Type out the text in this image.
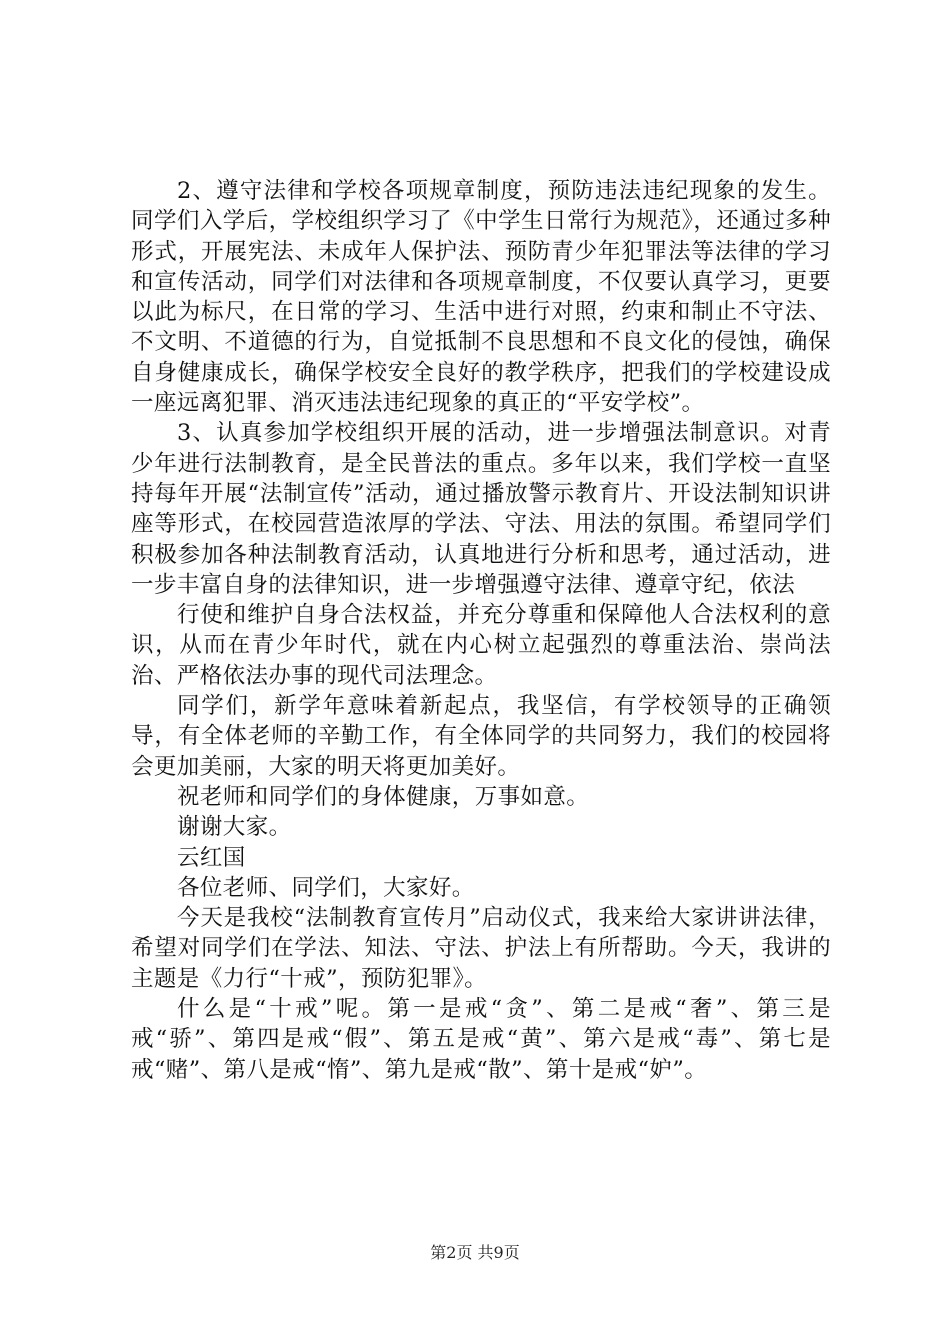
2、遵守法律和学校各项规章制度，预防违法违纪现象的发生。同学们入学后，学校组织学习了《中学生日常行为规范》，还通过多种形式，开展宪法、未成年人保护法、预防青少年犯罪法等法律的学习和宣传活动，同学们对法律和各项规章制度，不仅要认真学习，更要以此为标尺，在日常的学习、生活中进行对照，约束和制止不守法、不文明、不道德的行为，自觉抵制不良思想和不良文化的侵蚀，确保自身健康成长，确保学校安全良好的教学秩序，把我们的学校建设成一座远离犯罪、消灭违法违纪现象的真正的“平安学校”。

3、认真参加学校组织开展的活动，进一步增强法制意识。对青少年进行法制教育，是全民普法的重点。多年以来，我们学校一直坚持每年开展“法制宣传”活动，通过播放警示教育片、开设法制知识讲座等形式，在校园营造浓厚的学法、守法、用法的氛围。希望同学们积极参加各种法制教育活动，认真地进行分析和思考，通过活动，进一步丰富自身的法律知识，进一步增强遵守法律、遵章守纪，依法

行使和维护自身合法权益，并充分尊重和保障他人合法权利的意识，从而在青少年时代，就在内心树立起强烈的尊重法治、崇尚法治、严格依法办事的现代司法理念。

同学们，新学年意味着新起点，我坚信，有学校领导的正确领导，有全体老师的辛勤工作，有全体同学的共同努力，我们的校园将会更加美丽，大家的明天将更加美好。

祝老师和同学们的身体健康，万事如意。

谢谢大家。

云红国

各位老师、同学们，大家好。

今天是我校“法制教育宣传月”启动仪式，我来给大家讲讲法律，希望对同学们在学法、知法、守法、护法上有所帮助。今天，我讲的主题是《力行“十戒”，预防犯罪》。

什么是“十戒”呢。第一是戒“贪”、第二是戒“奢”、第三是戒“骄”、第四是戒“假”、第五是戒“黄”、第六是戒“毒”、第七是戒“赌”、第八是戒“惰”、第九是戒“散”、第十是戒“妒”。

第2页 共9页
